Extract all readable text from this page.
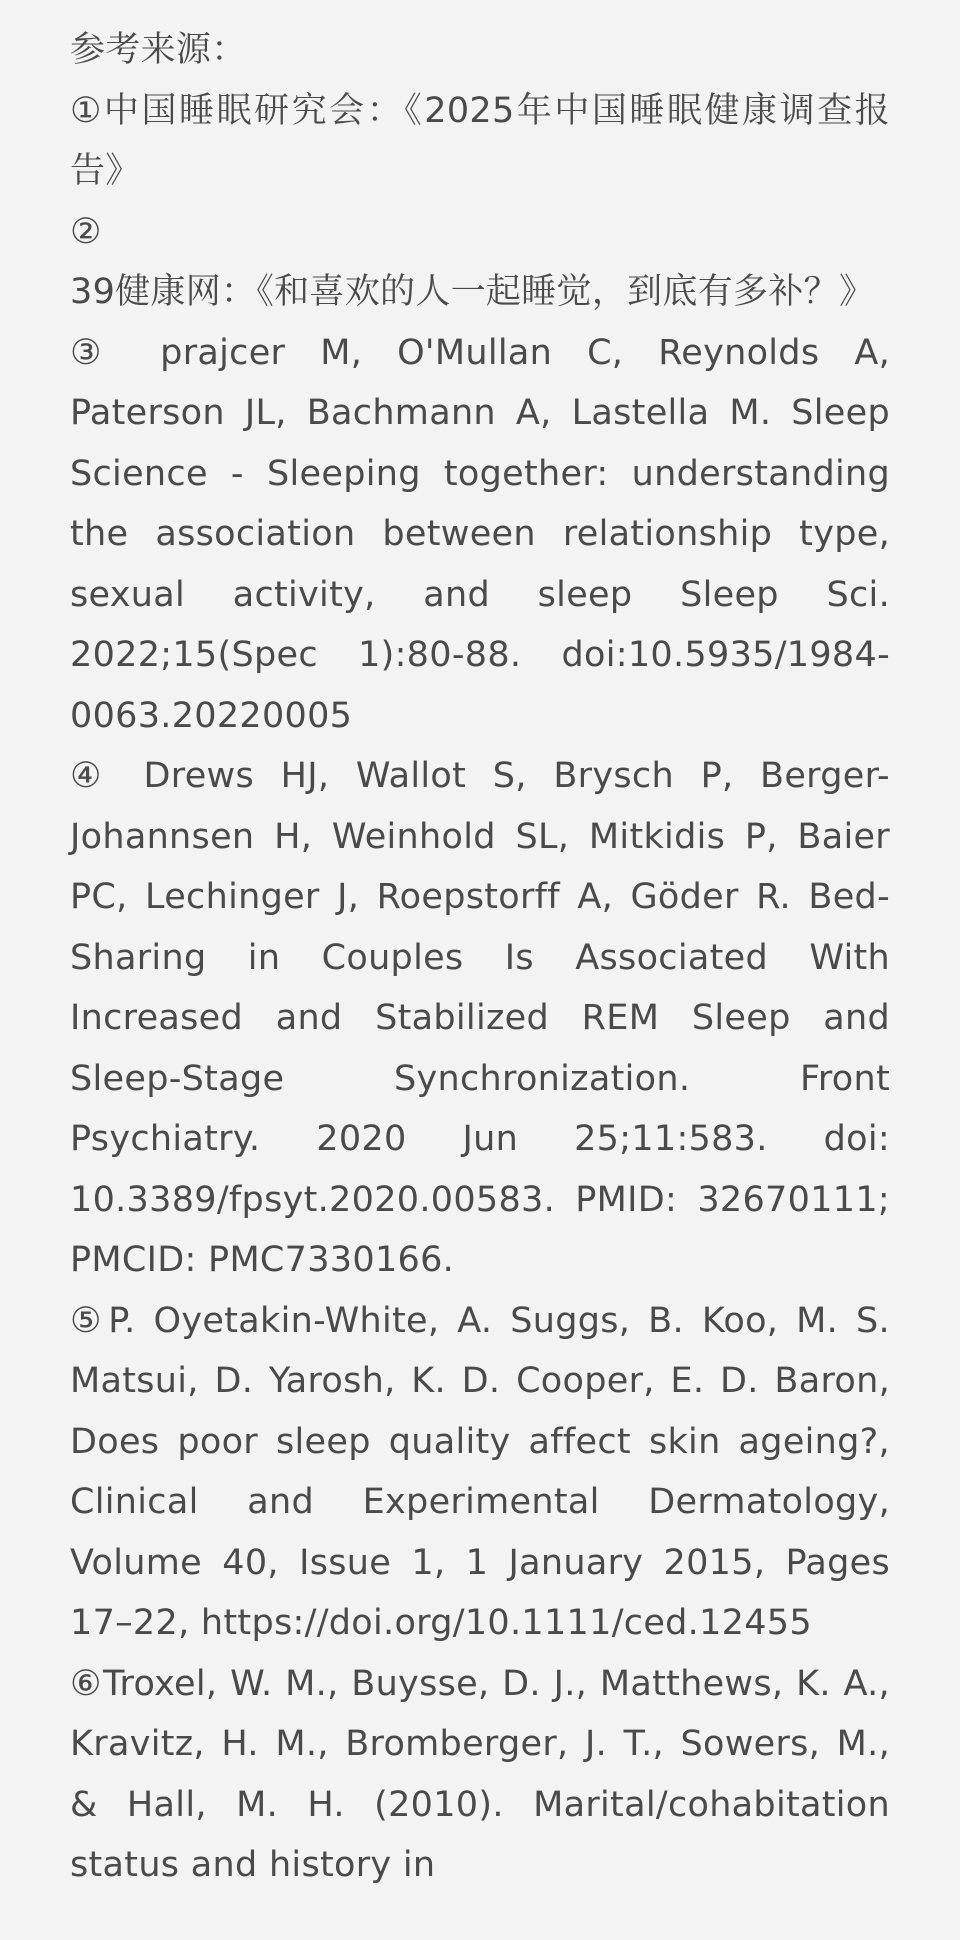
参考来源：

①中国睡眠研究会：《2025年中国睡眠健康调查报告》
②39健康网：《和喜欢的人一起睡觉，到底有多补？》
③ prajcer M, O'Mullan C, Reynolds A, Paterson JL, Bachmann A, Lastella M. Sleep Science - Sleeping together: understanding the association between relationship type, sexual activity, and sleep Sleep Sci. 2022;15(Spec 1):80-88. doi:10.5935/1984-0063.20220005
④ Drews HJ, Wallot S, Brysch P, Berger-Johannsen H, Weinhold SL, Mitkidis P, Baier PC, Lechinger J, Roepstorff A, Göder R. Bed-Sharing in Couples Is Associated With Increased and Stabilized REM Sleep and Sleep-Stage Synchronization. Front Psychiatry. 2020 Jun 25;11:583. doi: 10.3389/fpsyt.2020.00583. PMID: 32670111; PMCID: PMC7330166.
⑤P. Oyetakin-White, A. Suggs, B. Koo, M. S. Matsui, D. Yarosh, K. D. Cooper, E. D. Baron, Does poor sleep quality affect skin ageing?, Clinical and Experimental Dermatology, Volume 40, Issue 1, 1 January 2015, Pages 17–22, https://doi.org/10.1111/ced.12455
⑥Troxel, W. M., Buysse, D. J., Matthews, K. A., Kravitz, H. M., Bromberger, J. T., Sowers, M., & Hall, M. H. (2010). Marital/cohabitation status and history in
